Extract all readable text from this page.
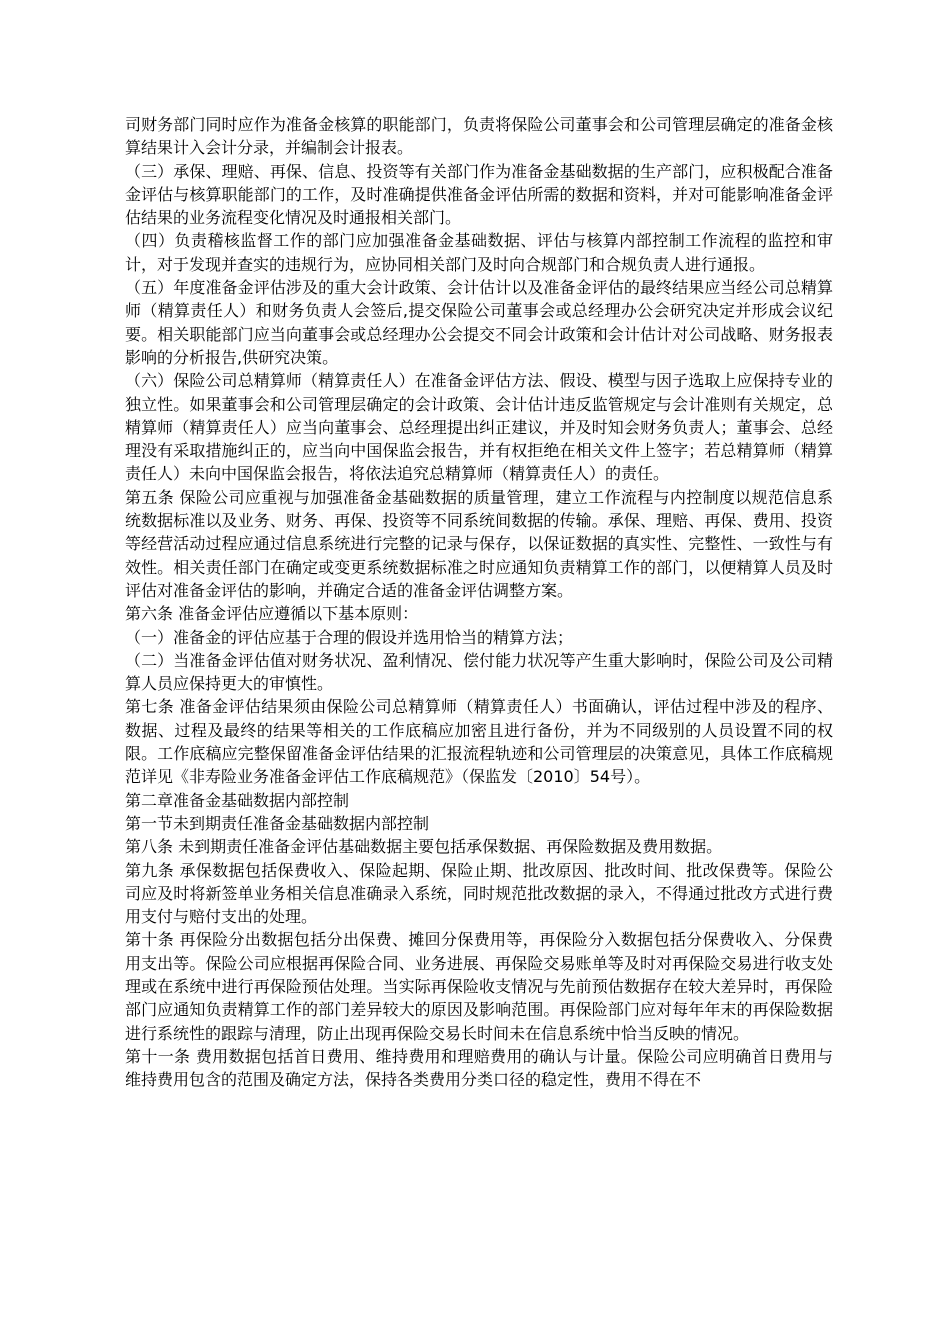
司财务部门同时应作为准备金核算的职能部门，负责将保险公司董事会和公司管理层确定的准备金核算结果计入会计分录，并编制会计报表。

（三）承保、理赔、再保、信息、投资等有关部门作为准备金基础数据的生产部门，应积极配合准备金评估与核算职能部门的工作，及时准确提供准备金评估所需的数据和资料，并对可能影响准备金评估结果的业务流程变化情况及时通报相关部门。

（四）负责稽核监督工作的部门应加强准备金基础数据、评估与核算内部控制工作流程的监控和审计，对于发现并查实的违规行为，应协同相关部门及时向合规部门和合规负责人进行通报。

（五）年度准备金评估涉及的重大会计政策、会计估计以及准备金评估的最终结果应当经公司总精算师（精算责任人）和财务负责人会签后,提交保险公司董事会或总经理办公会研究决定并形成会议纪要。相关职能部门应当向董事会或总经理办公会提交不同会计政策和会计估计对公司战略、财务报表影响的分析报告,供研究决策。

（六）保险公司总精算师（精算责任人）在准备金评估方法、假设、模型与因子选取上应保持专业的独立性。如果董事会和公司管理层确定的会计政策、会计估计违反监管规定与会计准则有关规定，总精算师（精算责任人）应当向董事会、总经理提出纠正建议，并及时知会财务负责人；董事会、总经理没有采取措施纠正的，应当向中国保监会报告，并有权拒绝在相关文件上签字；若总精算师（精算责任人）未向中国保监会报告，将依法追究总精算师（精算责任人）的责任。

第五条 保险公司应重视与加强准备金基础数据的质量管理，建立工作流程与内控制度以规范信息系统数据标准以及业务、财务、再保、投资等不同系统间数据的传输。承保、理赔、再保、费用、投资等经营活动过程应通过信息系统进行完整的记录与保存，以保证数据的真实性、完整性、一致性与有效性。相关责任部门在确定或变更系统数据标准之时应通知负责精算工作的部门，以便精算人员及时评估对准备金评估的影响，并确定合适的准备金评估调整方案。

第六条 准备金评估应遵循以下基本原则：

（一）准备金的评估应基于合理的假设并选用恰当的精算方法；

（二）当准备金评估值对财务状况、盈利情况、偿付能力状况等产生重大影响时，保险公司及公司精算人员应保持更大的审慎性。

第七条 准备金评估结果须由保险公司总精算师（精算责任人）书面确认，评估过程中涉及的程序、数据、过程及最终的结果等相关的工作底稿应加密且进行备份，并为不同级别的人员设置不同的权限。工作底稿应完整保留准备金评估结果的汇报流程轨迹和公司管理层的决策意见，具体工作底稿规范详见《非寿险业务准备金评估工作底稿规范》（保监发〔2010〕54号）。

第二章准备金基础数据内部控制

第一节未到期责任准备金基础数据内部控制

第八条 未到期责任准备金评估基础数据主要包括承保数据、再保险数据及费用数据。

第九条 承保数据包括保费收入、保险起期、保险止期、批改原因、批改时间、批改保费等。保险公司应及时将新签单业务相关信息准确录入系统，同时规范批改数据的录入，不得通过批改方式进行费用支付与赔付支出的处理。

第十条 再保险分出数据包括分出保费、摊回分保费用等，再保险分入数据包括分保费收入、分保费用支出等。保险公司应根据再保险合同、业务进展、再保险交易账单等及时对再保险交易进行收支处理或在系统中进行再保险预估处理。当实际再保险收支情况与先前预估数据存在较大差异时，再保险部门应通知负责精算工作的部门差异较大的原因及影响范围。再保险部门应对每年年末的再保险数据进行系统性的跟踪与清理，防止出现再保险交易长时间未在信息系统中恰当反映的情况。

第十一条 费用数据包括首日费用、维持费用和理赔费用的确认与计量。保险公司应明确首日费用与维持费用包含的范围及确定方法，保持各类费用分类口径的稳定性，费用不得在不
